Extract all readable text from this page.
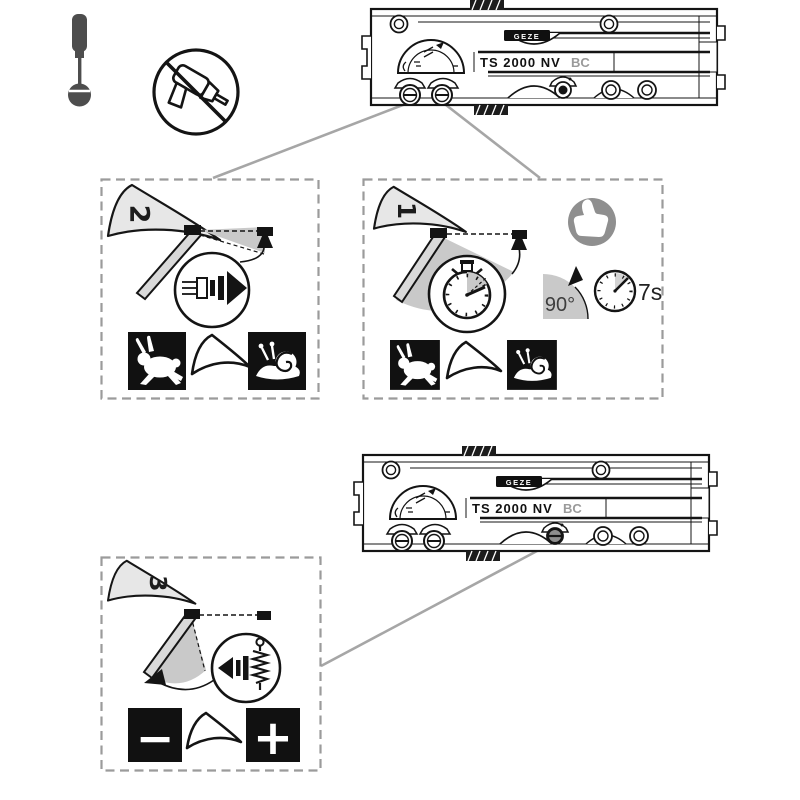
GEZE
TS 2000 NV BC
GEZE
TS 2000 NV BC
2	1
90°	7s
3
− +
